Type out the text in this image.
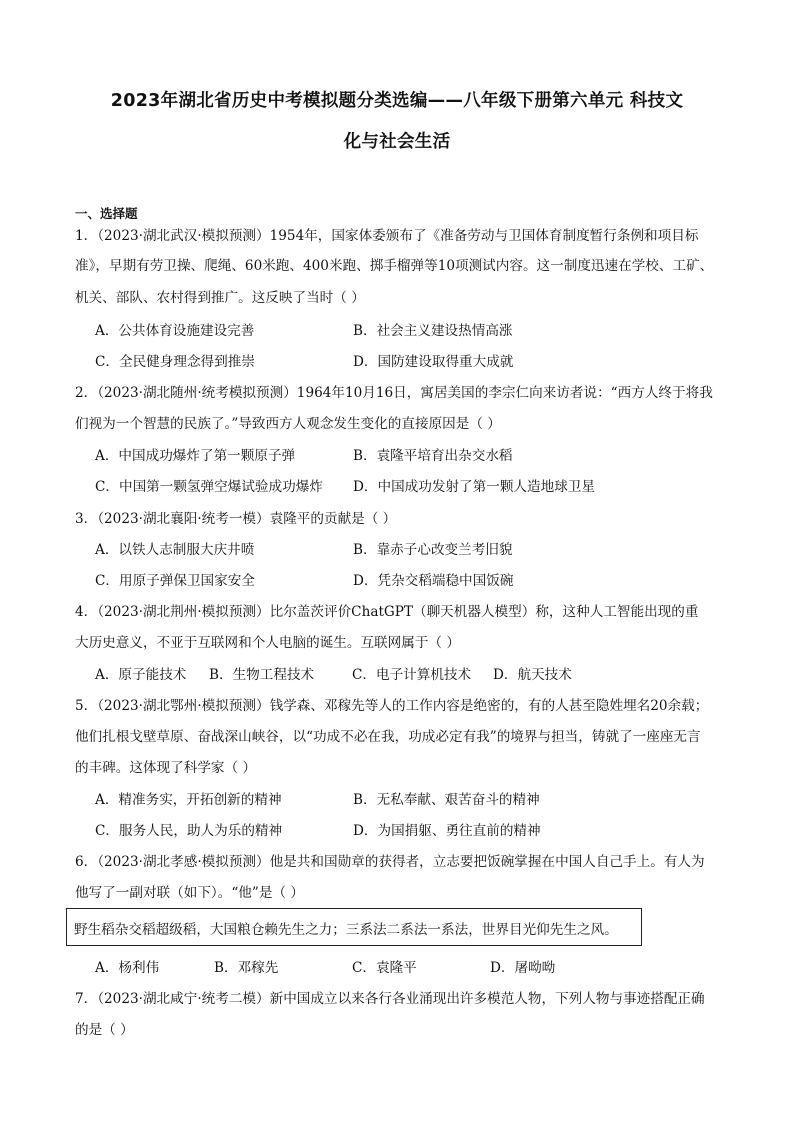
2023年湖北省历史中考模拟题分类选编——八年级下册第六单元 科技文
化与社会生活
一、选择题
1．（2023·湖北武汉·模拟预测）1954年，国家体委颁布了《准备劳动与卫国体育制度暂行条例和项目标
准》，早期有劳卫操、爬绳、60米跑、400米跑、掷手榴弹等10项测试内容。这一制度迅速在学校、工矿、
机关、部队、农村得到推广。这反映了当时（ ）
A．公共体育设施建设完善	B．社会主义建设热情高涨
C．全民健身理念得到推崇	D．国防建设取得重大成就
2．（2023·湖北随州·统考模拟预测）1964年10月16日，寓居美国的李宗仁向来访者说：“西方人终于将我
们视为一个智慧的民族了。”导致西方人观念发生变化的直接原因是（ ）
A．中国成功爆炸了第一颗原子弹	B．袁隆平培育出杂交水稻
C．中国第一颗氢弹空爆试验成功爆炸 D．中国成功发射了第一颗人造地球卫星
3．（2023·湖北襄阳·统考一模）袁隆平的贡献是（ ）
A．以铁人志制服大庆井喷	B．靠赤子心改变兰考旧貌
C．用原子弹保卫国家安全	D．凭杂交稻端稳中国饭碗
4．（2023·湖北荆州·模拟预测）比尔盖茨评价ChatGPT（聊天机器人模型）称，这种人工智能出现的重
大历史意义，不亚于互联网和个人电脑的诞生。互联网属于（ ）
A．原子能技术 B．生物工程技术	C．电子计算机技术 D．航天技术
5．（2023·湖北鄂州·模拟预测）钱学森、邓稼先等人的工作内容是绝密的，有的人甚至隐姓埋名20余载；
他们扎根戈壁草原、奋战深山峡谷，以“功成不必在我，功成必定有我”的境界与担当，铸就了一座座无言
的丰碑。这体现了科学家（ ）
A．精准务实，开拓创新的精神	B．无私奉献、艰苦奋斗的精神
C．服务人民，助人为乐的精神	D．为国捐躯、勇往直前的精神
6．（2023·湖北孝感·模拟预测）他是共和国勋章的获得者，立志要把饭碗掌握在中国人自己手上。有人为
他写了一副对联（如下）。“他”是（ ）
野生稻杂交稻超级稻，大国粮仓赖先生之力；三系法二系法一系法，世界目光仰先生之风。
A．杨利伟	B．邓稼先	C．袁隆平	D．屠呦呦
7．（2023·湖北咸宁·统考二模）新中国成立以来各行各业涌现出许多模范人物，下列人物与事迹搭配正确
的是（ ）
